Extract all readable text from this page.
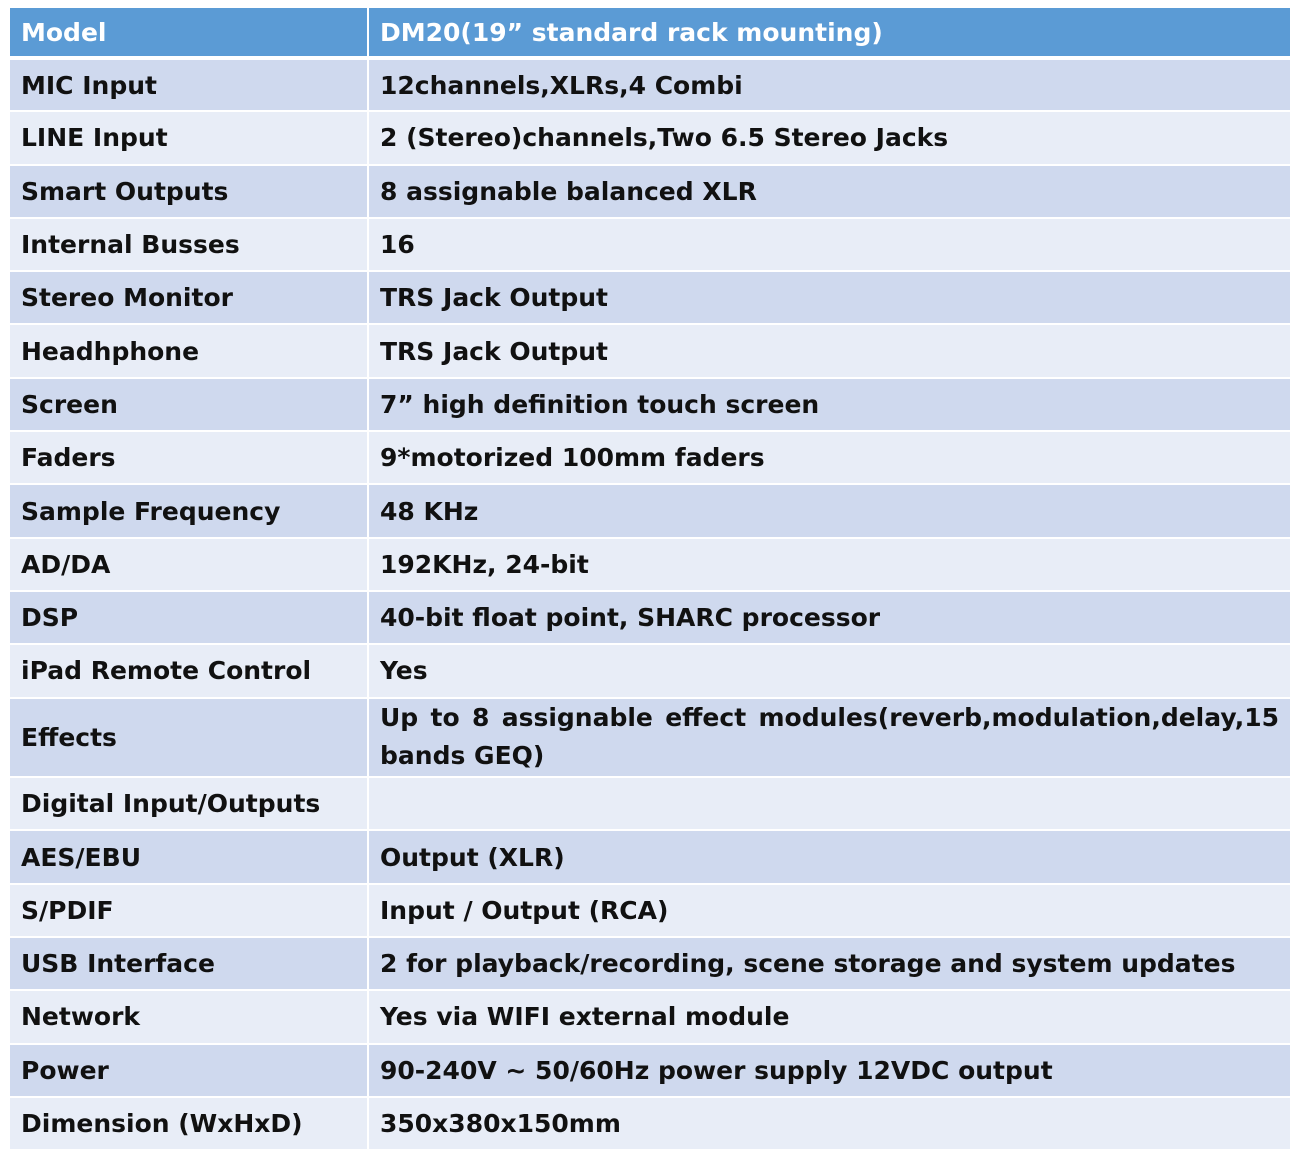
Model	DM20(19” standard rack mounting)
MIC Input	12channels,XLRs,4 Combi
LINE Input	2 (Stereo)channels,Two 6.5 Stereo Jacks
Smart Outputs	8 assignable balanced XLR
Internal Busses	16
Stereo Monitor	TRS Jack Output
Headhphone	TRS Jack Output
Screen	7” high definition touch screen
Faders	9*motorized 100mm faders
Sample Frequency	48 KHz
AD/DA	192KHz, 24-bit
DSP	40-bit float point, SHARC processor
iPad Remote Control	Yes
Effects	Up to 8 assignable effect modules(reverb,modulation,delay,15 bands GEQ)
Digital Input/Outputs	
AES/EBU	Output (XLR)
S/PDIF	Input / Output (RCA)
USB Interface	2 for playback/recording, scene storage and system updates
Network	Yes via WIFI external module
Power	90-240V ~ 50/60Hz power supply 12VDC output
Dimension (WxHxD)	350x380x150mm
